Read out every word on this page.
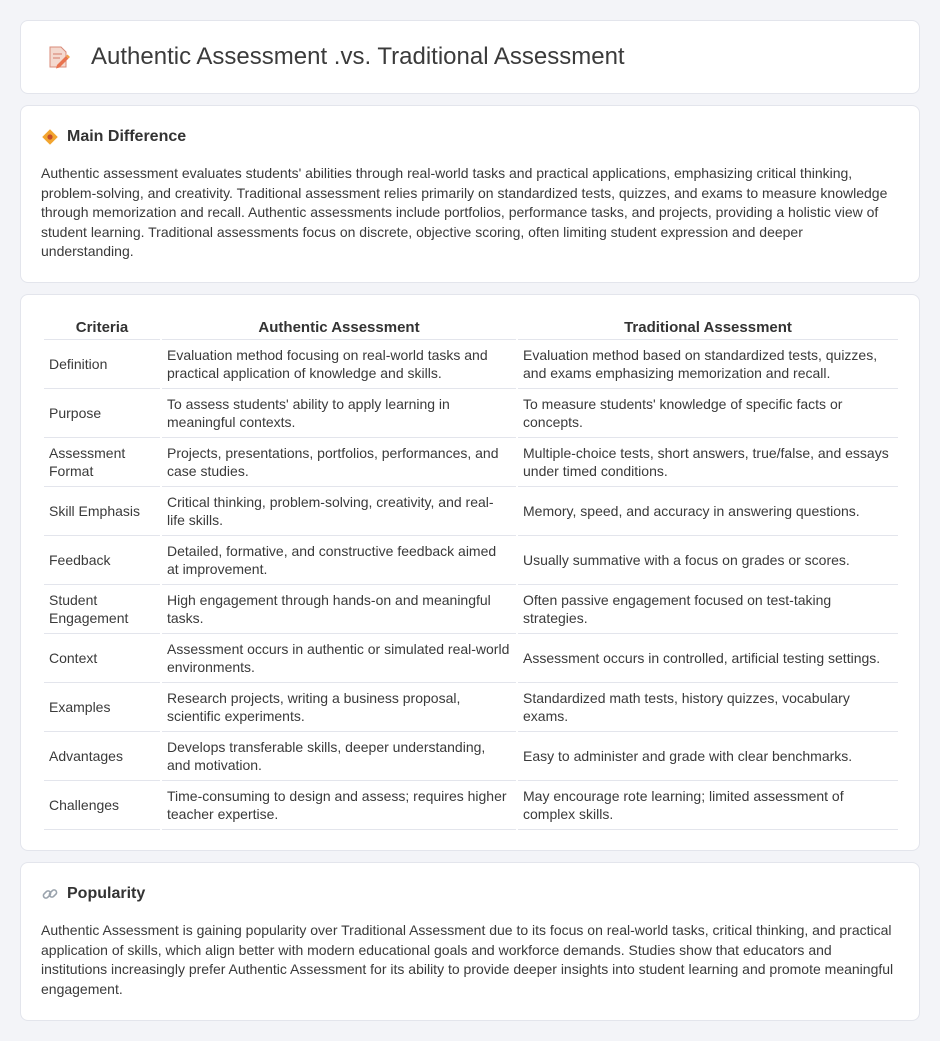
Authentic Assessment .vs. Traditional Assessment
Main Difference

Authentic assessment evaluates students' abilities through real-world tasks and practical applications, emphasizing critical thinking, problem-solving, and creativity. Traditional assessment relies primarily on standardized tests, quizzes, and exams to measure knowledge through memorization and recall. Authentic assessments include portfolios, performance tasks, and projects, providing a holistic view of student learning. Traditional assessments focus on discrete, objective scoring, often limiting student expression and deeper understanding.

Criteria	Authentic Assessment	Traditional Assessment
Definition	Evaluation method focusing on real-world tasks and practical application of knowledge and skills.	Evaluation method based on standardized tests, quizzes, and exams emphasizing memorization and recall.
Purpose	To assess students' ability to apply learning in meaningful contexts.	To measure students' knowledge of specific facts or concepts.
Assessment Format	Projects, presentations, portfolios, performances, and case studies.	Multiple-choice tests, short answers, true/false, and essays under timed conditions.
Skill Emphasis	Critical thinking, problem-solving, creativity, and real-life skills.	Memory, speed, and accuracy in answering questions.
Feedback	Detailed, formative, and constructive feedback aimed at improvement.	Usually summative with a focus on grades or scores.
Student Engagement	High engagement through hands-on and meaningful tasks.	Often passive engagement focused on test-taking strategies.
Context	Assessment occurs in authentic or simulated real-world environments.	Assessment occurs in controlled, artificial testing settings.
Examples	Research projects, writing a business proposal, scientific experiments.	Standardized math tests, history quizzes, vocabulary exams.
Advantages	Develops transferable skills, deeper understanding, and motivation.	Easy to administer and grade with clear benchmarks.
Challenges	Time-consuming to design and assess; requires higher teacher expertise.	May encourage rote learning; limited assessment of complex skills.
Popularity

Authentic Assessment is gaining popularity over Traditional Assessment due to its focus on real-world tasks, critical thinking, and practical application of skills, which align better with modern educational goals and workforce demands. Studies show that educators and institutions increasingly prefer Authentic Assessment for its ability to provide deeper insights into student learning and promote meaningful engagement.
